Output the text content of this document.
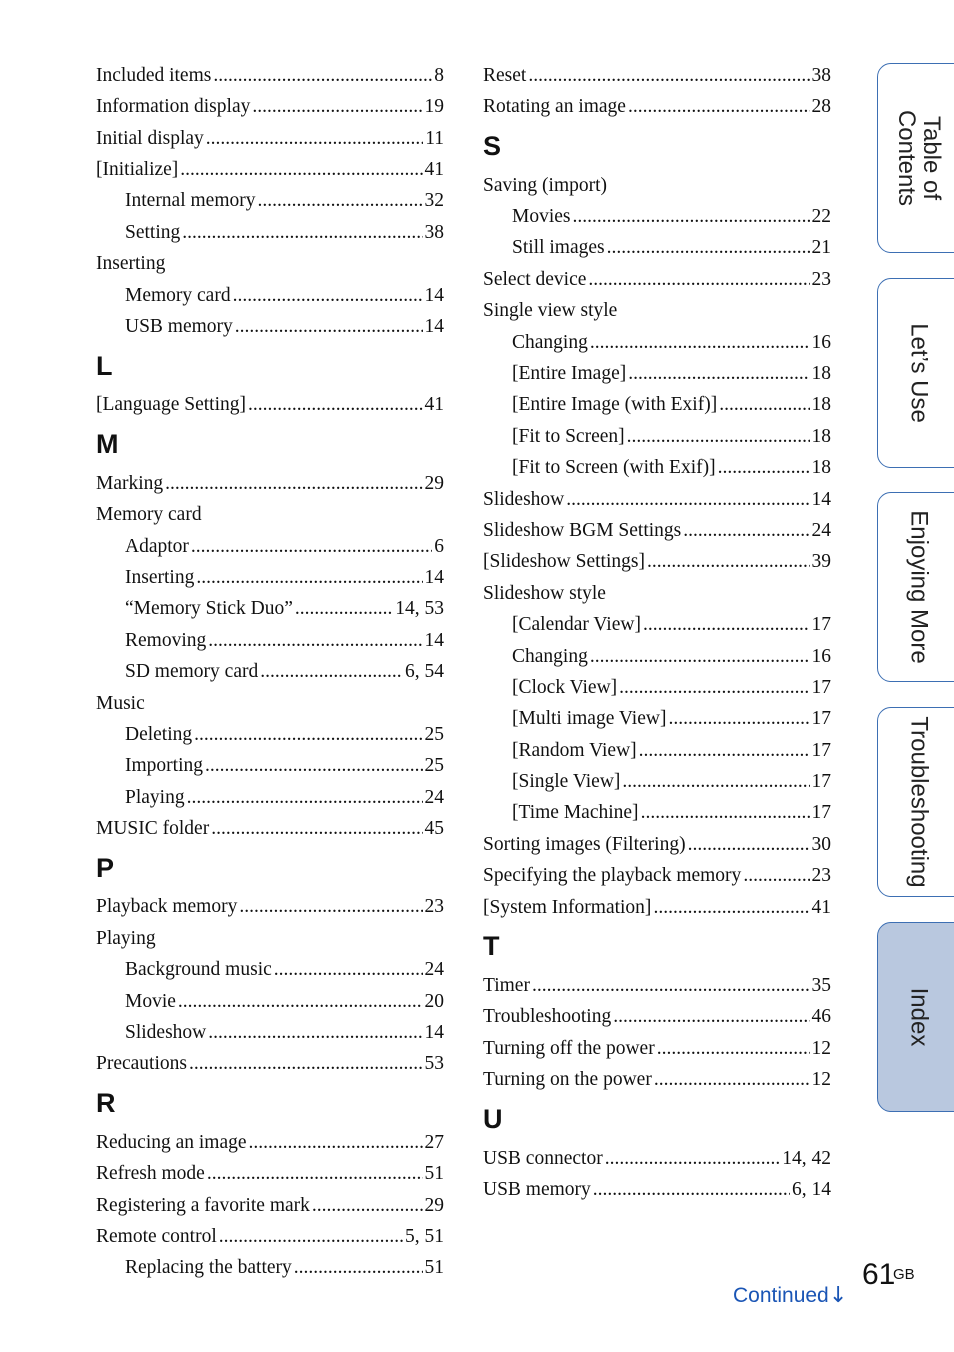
Included items .....	8
Information display .....	19
Initial display .....	11
[Initialize] .....	41
Internal memory .....	32
Setting .....	38
Inserting
Memory card .....	14
USB memory .....	14
L
[Language Setting] .....	41
M
Marking .....	29
Memory card
Adaptor .....	6
Inserting .....	14
“Memory Stick Duo” .....	14, 53
Removing .....	14
SD memory card .....	6, 54
Music
Deleting .....	25
Importing .....	25
Playing .....	24
MUSIC folder .....	45
P
Playback memory .....	23
Playing
Background music .....	24
Movie .....	20
Slideshow .....	14
Precautions .....	53
R
Reducing an image .....	27
Refresh mode .....	51
Registering a favorite mark .....	29
Remote control .....	5, 51
Replacing the battery .....	51
Reset .....	38
Rotating an image .....	28
S
Saving (import)
Movies .....	22
Still images .....	21
Select device .....	23
Single view style
Changing .....	16
[Entire Image] .....	18
[Entire Image (with Exif)] .....	18
[Fit to Screen] .....	18
[Fit to Screen (with Exif)] .....	18
Slideshow .....	14
Slideshow BGM Settings .....	24
[Slideshow Settings] .....	39
Slideshow style
[Calendar View] .....	17
Changing .....	16
[Clock View] .....	17
[Multi image View] .....	17
[Random View] .....	17
[Single View] .....	17
[Time Machine] .....	17
Sorting images (Filtering) .....	30
Specifying the playback memory .....	23
[System Information] .....	41
T
Timer .....	35
Troubleshooting .....	46
Turning off the power .....	12
Turning on the power .....	12
U
USB connector .....	14, 42
USB memory .....	6, 14
Table of
Contents
Let’s Use
Enjoying More
Troubleshooting
Index
61
GB
Continued ↓
